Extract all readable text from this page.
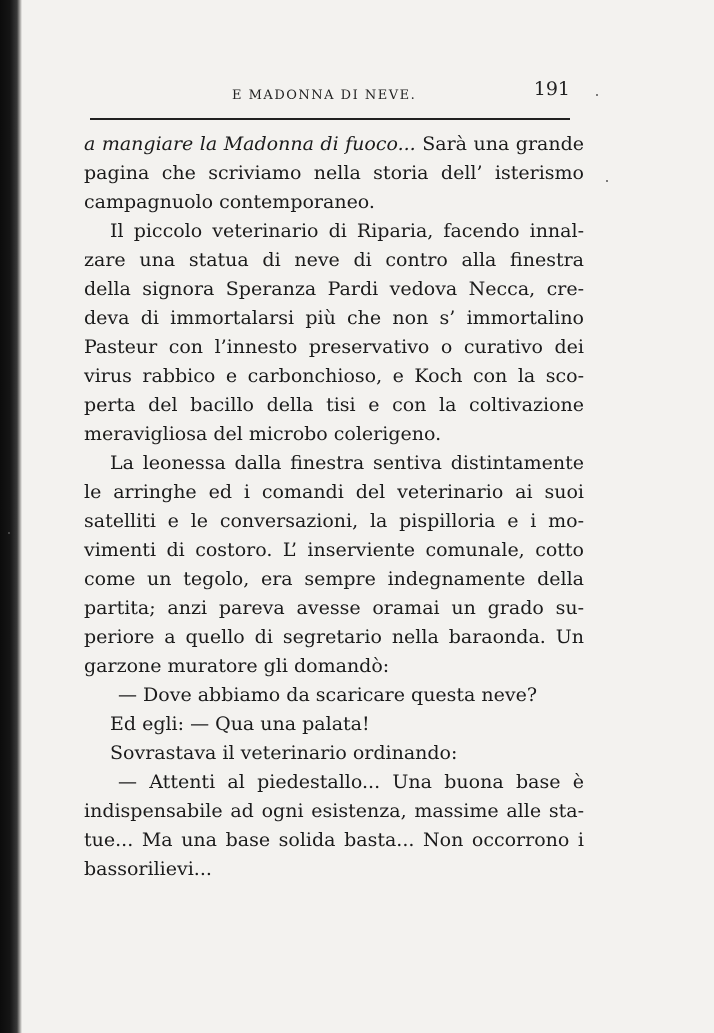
E MADONNA DI NEVE.	191
a mangiare la Madonna di fuoco... Sarà una grande
pagina che scriviamo nella storia dell’ isterismo
campagnuolo contemporaneo.
Il piccolo veterinario di Riparia, facendo innal-
zare una statua di neve di contro alla finestra
della signora Speranza Pardi vedova Necca, cre-
deva di immortalarsi più che non s’ immortalino
Pasteur con l’innesto preservativo o curativo dei
virus rabbico e carbonchioso, e Koch con la sco-
perta del bacillo della tisi e con la coltivazione
meravigliosa del microbo colerigeno.
La leonessa dalla finestra sentiva distintamente
le arringhe ed i comandi del veterinario ai suoi
satelliti e le conversazioni, la pispilloria e i mo-
vimenti di costoro. L’ inserviente comunale, cotto
come un tegolo, era sempre indegnamente della
partita; anzi pareva avesse oramai un grado su-
periore a quello di segretario nella baraonda. Un
garzone muratore gli domandò:
— Dove abbiamo da scaricare questa neve?
Ed egli: — Qua una palata!
Sovrastava il veterinario ordinando:
— Attenti al piedestallo... Una buona base è
indispensabile ad ogni esistenza, massime alle sta-
tue... Ma una base solida basta... Non occorrono i
bassorilievi...
